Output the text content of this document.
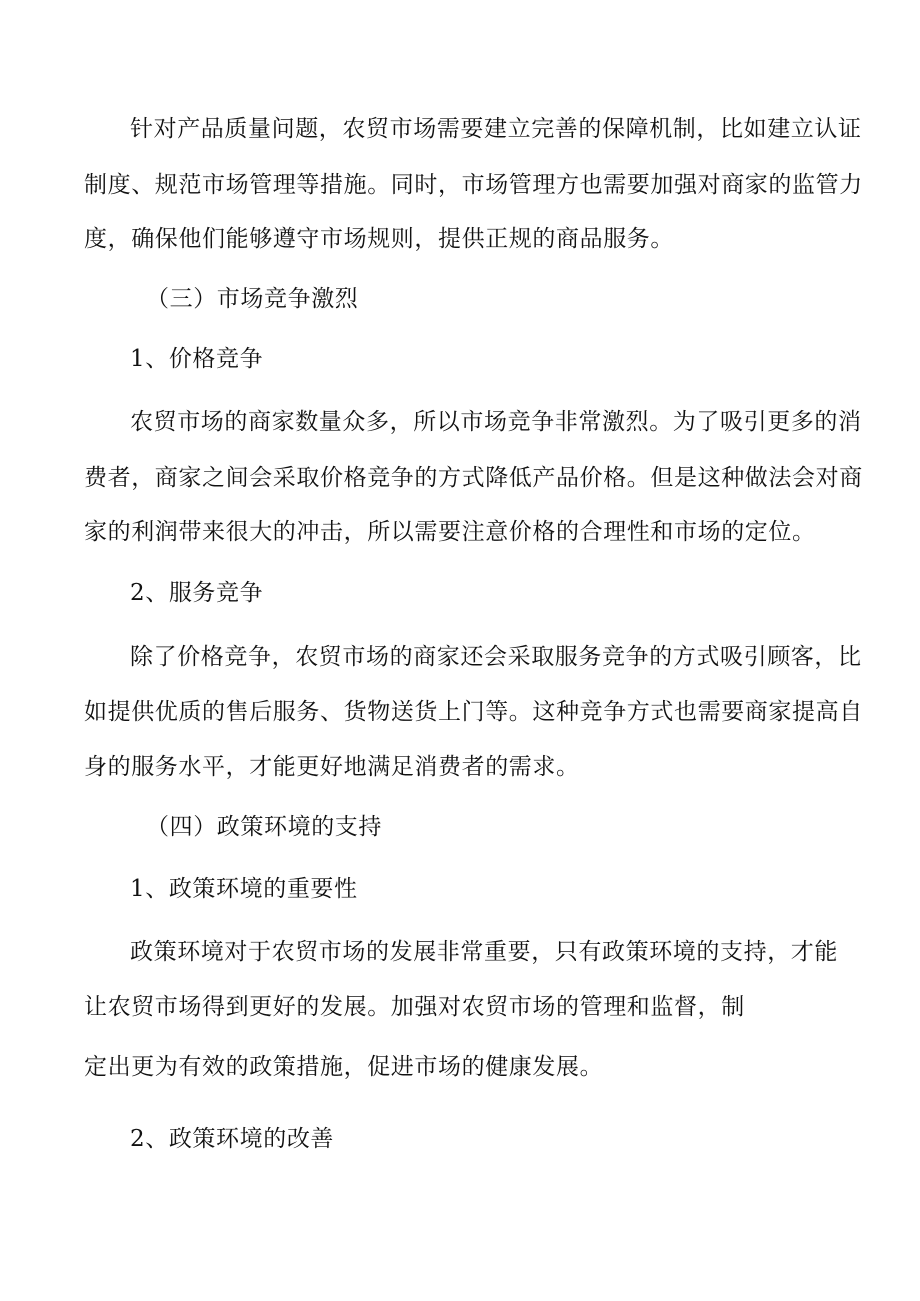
针对产品质量问题，农贸市场需要建立完善的保障机制，比如建立认证
制度、规范市场管理等措施。同时，市场管理方也需要加强对商家的监管力
度，确保他们能够遵守市场规则，提供正规的商品服务。
（三）市场竞争激烈
1、价格竞争
农贸市场的商家数量众多，所以市场竞争非常激烈。为了吸引更多的消
费者，商家之间会采取价格竞争的方式降低产品价格。但是这种做法会对商
家的利润带来很大的冲击，所以需要注意价格的合理性和市场的定位。
2、服务竞争
除了价格竞争，农贸市场的商家还会采取服务竞争的方式吸引顾客，比
如提供优质的售后服务、货物送货上门等。这种竞争方式也需要商家提高自
身的服务水平，才能更好地满足消费者的需求。
（四）政策环境的支持
1、政策环境的重要性
政策环境对于农贸市场的发展非常重要，只有政策环境的支持，才能
让农贸市场得到更好的发展。加强对农贸市场的管理和监督，制
定出更为有效的政策措施，促进市场的健康发展。
2、政策环境的改善
